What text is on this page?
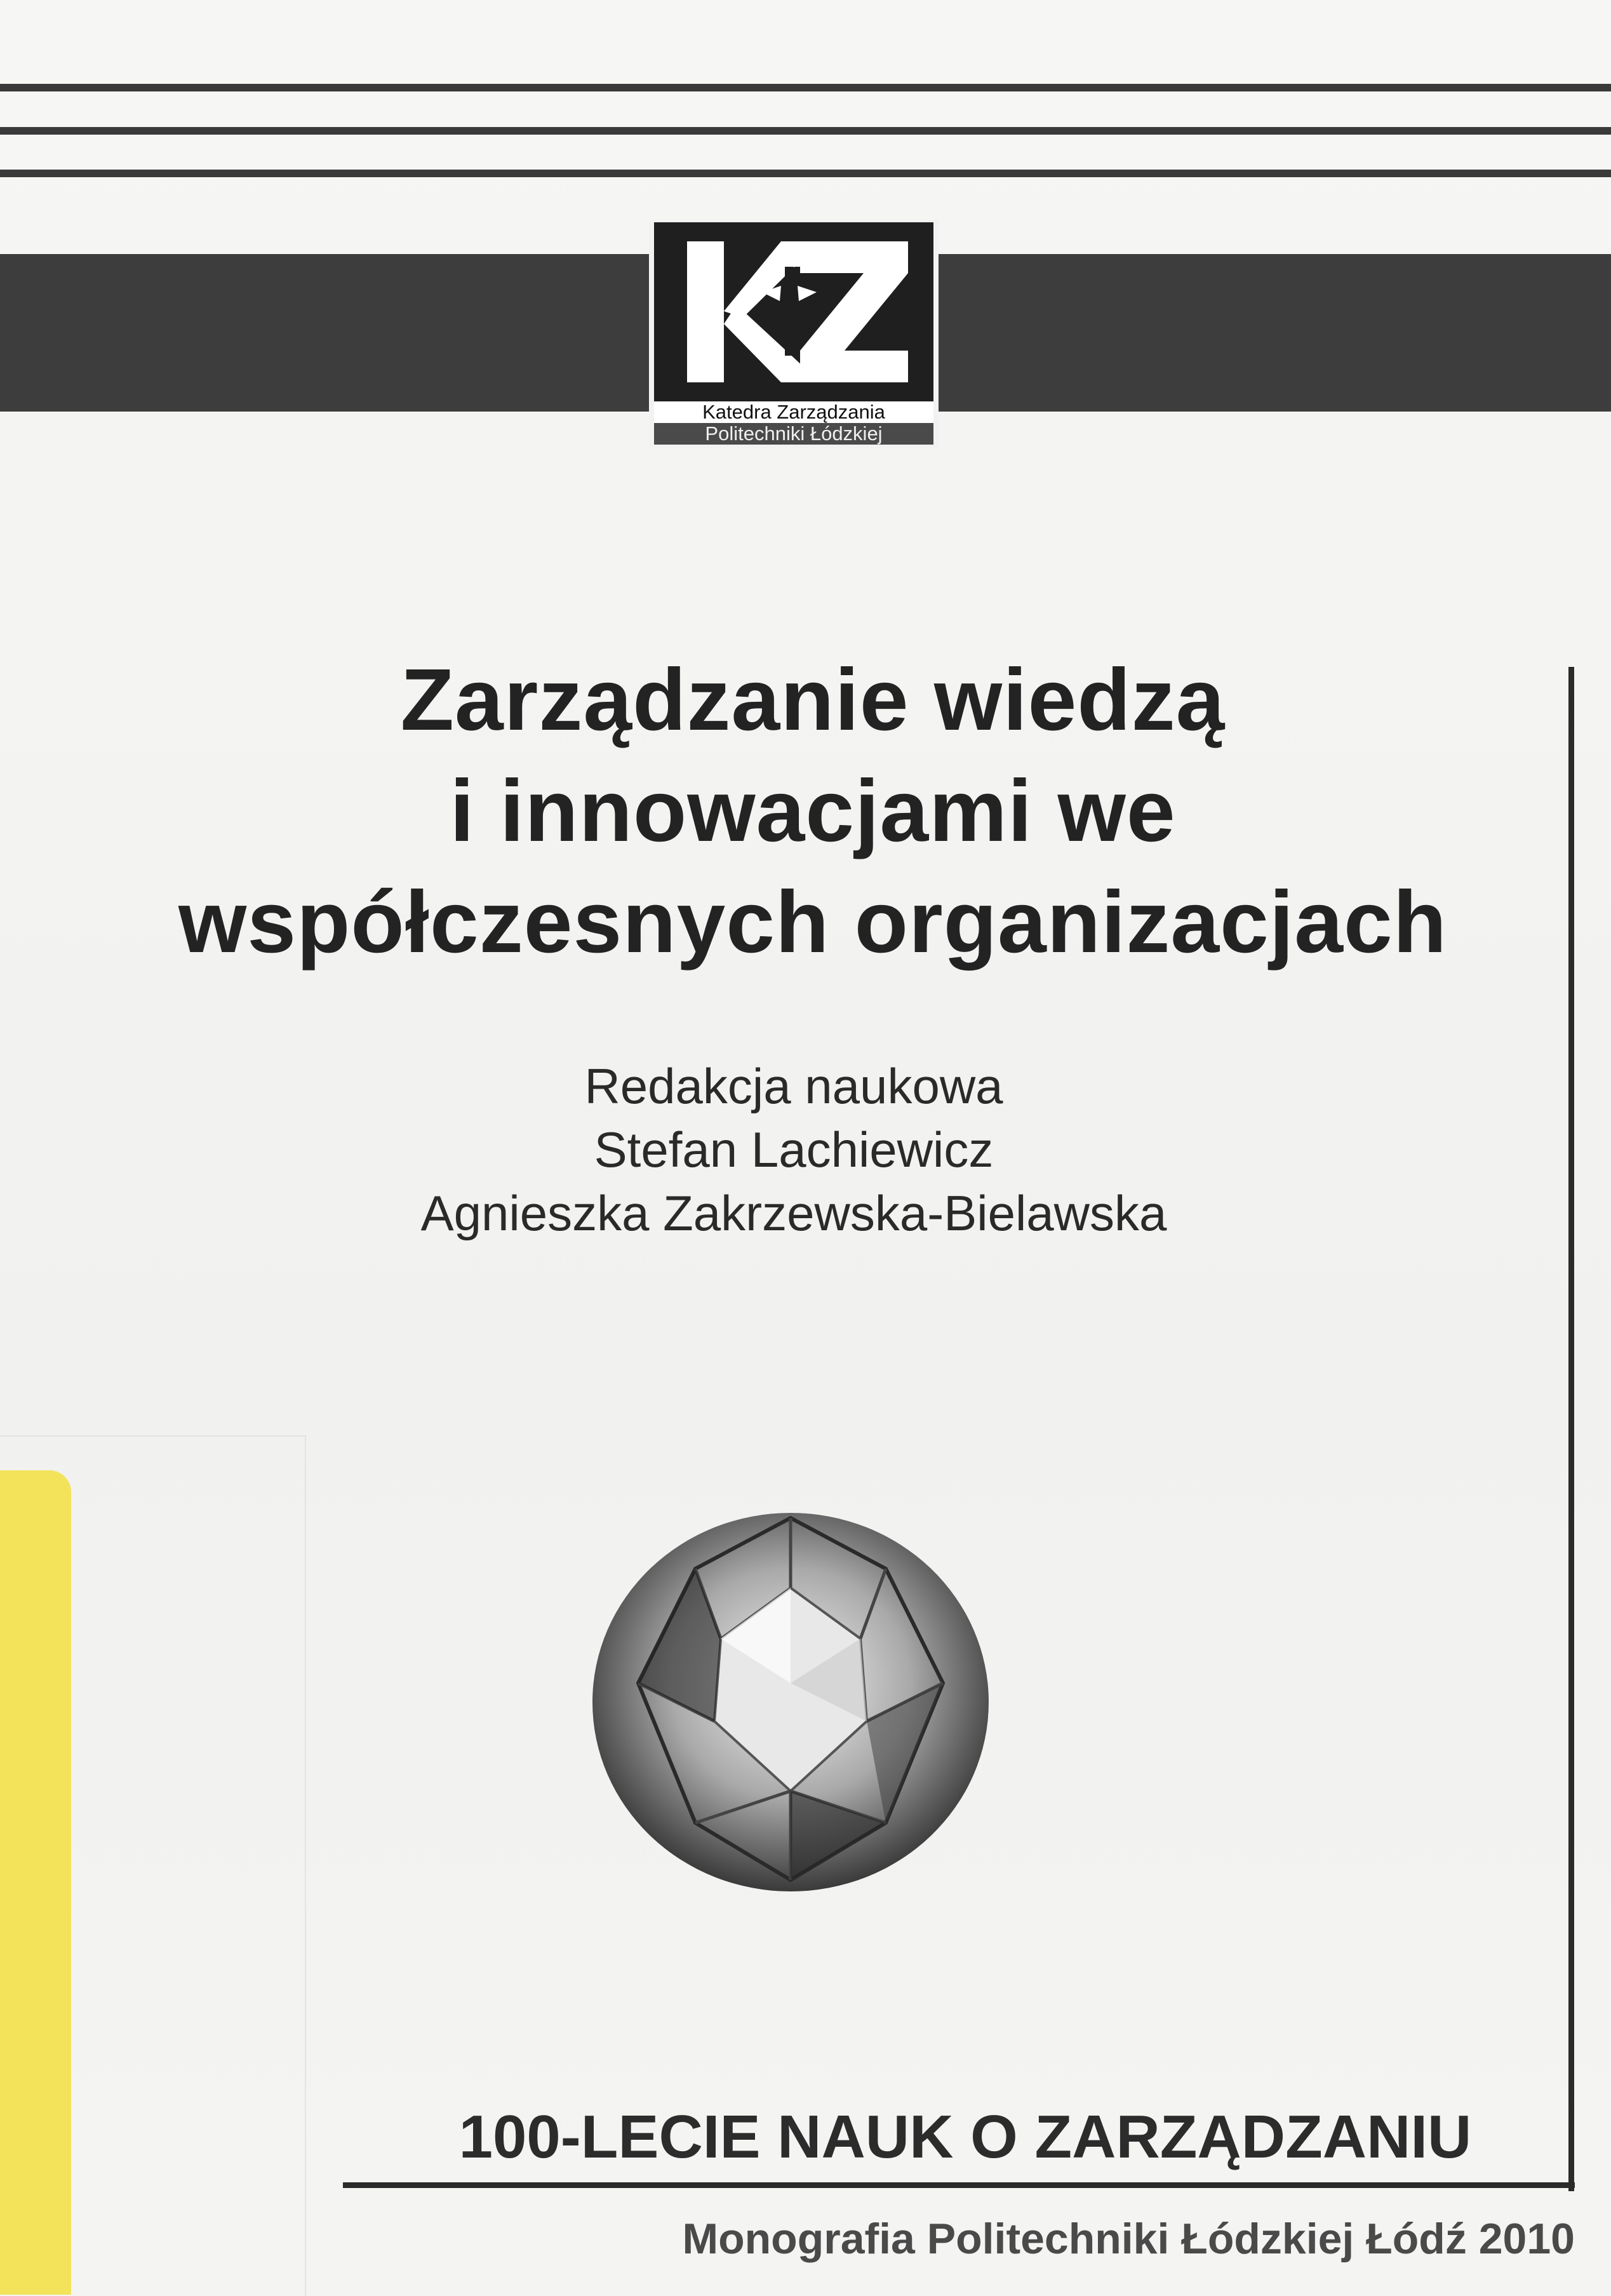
Katedra Zarządzania
Politechniki Łódzkiej
Zarządzanie wiedzą
i innowacjami we
współczesnych organizacjach
Redakcja naukowa
Stefan Lachiewicz
Agnieszka Zakrzewska-Bielawska
100-LECIE NAUK O ZARZĄDZANIU
Monografia Politechniki Łódzkiej Łódź 2010
